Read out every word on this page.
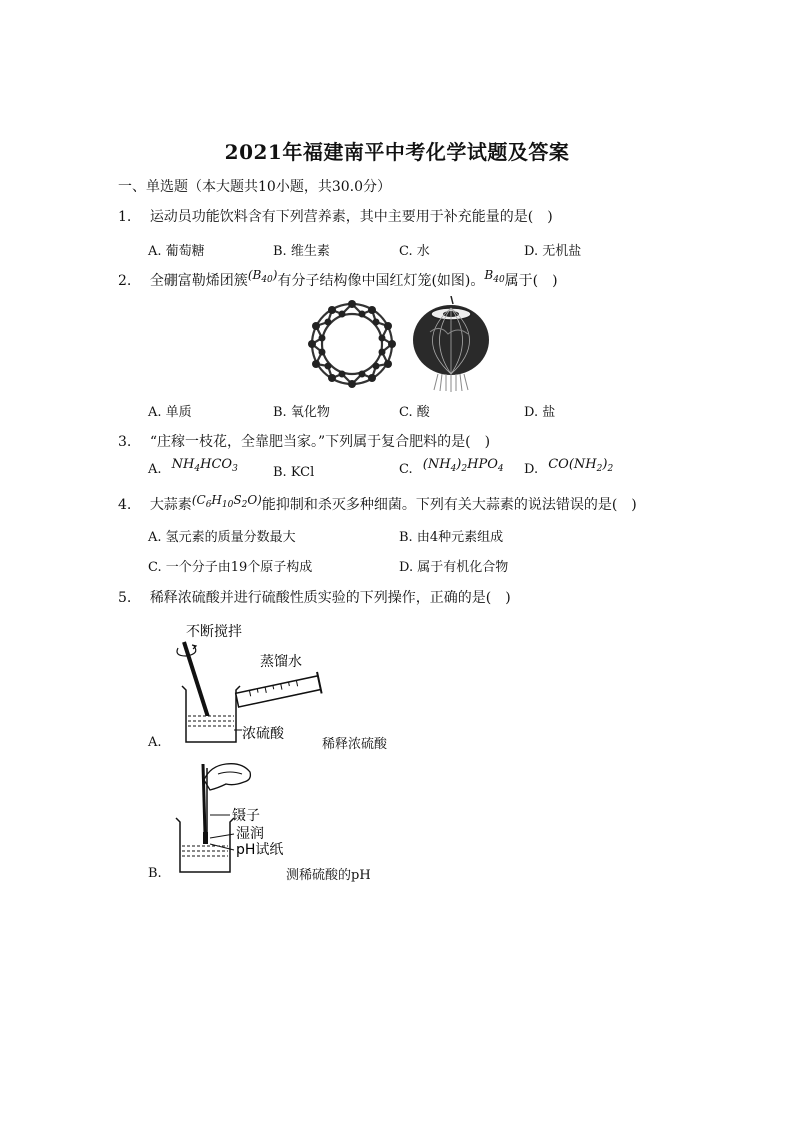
2021年福建南平中考化学试题及答案
一、单选题（本大题共10小题，共30.0分）
1. 运动员功能饮料含有下列营养素，其中主要用于补充能量的是(　)
A. 葡萄糖	B. 维生素	C. 水	D. 无机盐
2. 全硼富勒烯团簇$(B_{40})$有分子结构像中国红灯笼(如图)。$B_{40}$属于(　)
A. 单质	B. 氧化物	C. 酸	D. 盐
3. “庄稼一枝花，全靠肥当家。”下列属于复合肥料的是(　)
A. $NH_4HCO_3$	B. KCl	C. $(NH_4)_2HPO_4$ D. $CO(NH_2)_2$
4. 大蒜素$(C_6H_{10}S_2O)$能抑制和杀灭多种细菌。下列有关大蒜素的说法错误的是(　)
A. 氢元素的质量分数最大	B. 由4种元素组成
C. 一个分子由19个原子构成	D. 属于有机化合物
5. 稀释浓硫酸并进行硫酸性质实验的下列操作，正确的是(　)
不断搅拌
蒸馏水
浓硫酸
A.	稀释浓硫酸
镊子
湿润
pH试纸
B.	测稀硫酸的pH
